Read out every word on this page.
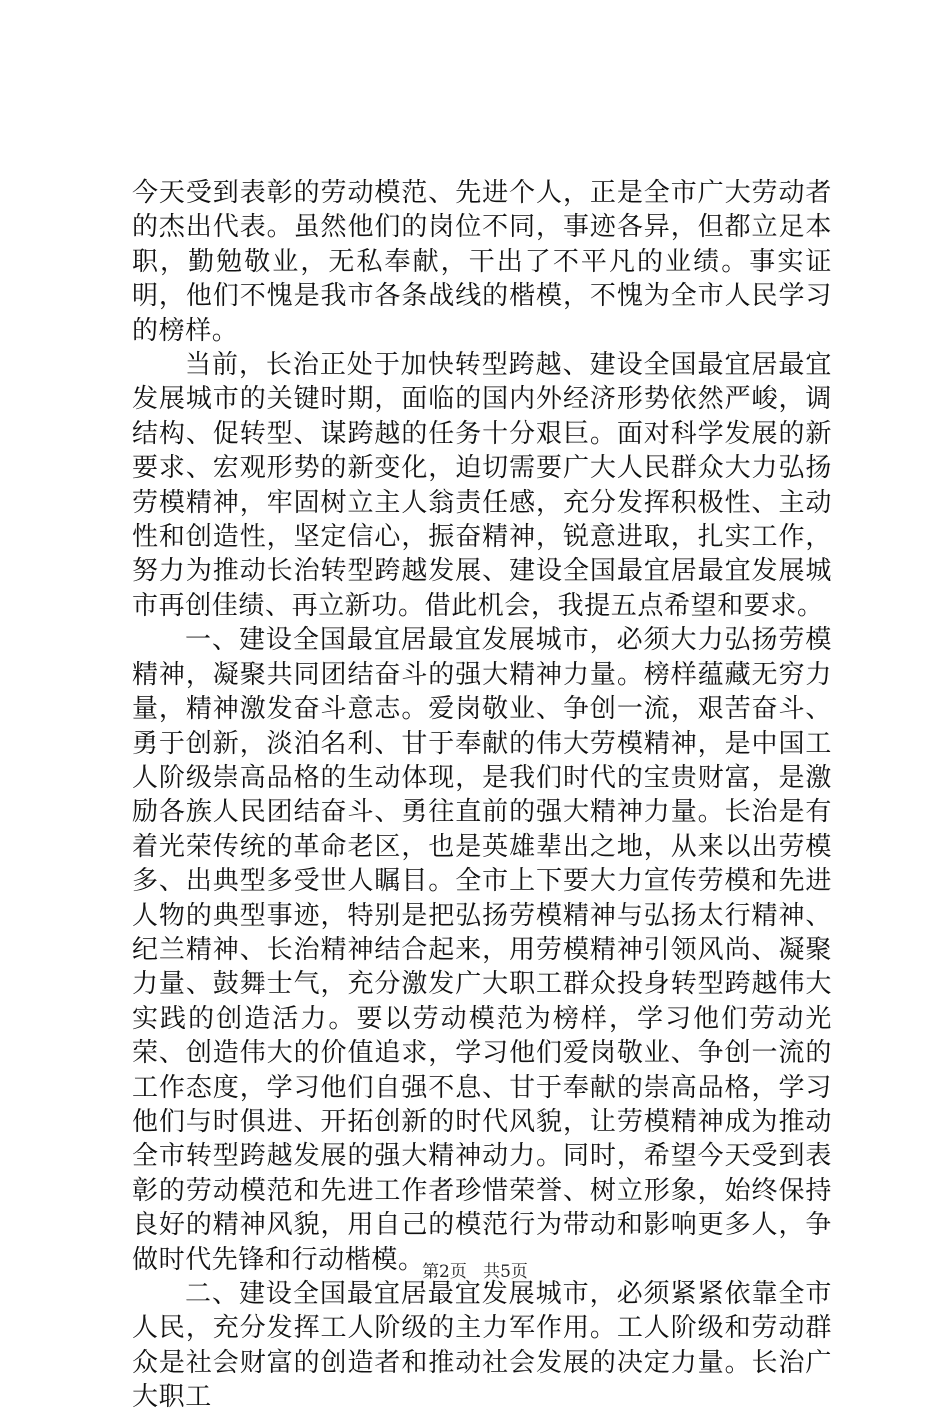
今天受到表彰的劳动模范、先进个人，正是全市广大劳动者的杰出代表。虽然他们的岗位不同，事迹各异，但都立足本职，勤勉敬业，无私奉献，干出了不平凡的业绩。事实证明，他们不愧是我市各条战线的楷模，不愧为全市人民学习的榜样。

当前，长治正处于加快转型跨越、建设全国最宜居最宜发展城市的关键时期，面临的国内外经济形势依然严峻，调结构、促转型、谋跨越的任务十分艰巨。面对科学发展的新要求、宏观形势的新变化，迫切需要广大人民群众大力弘扬劳模精神，牢固树立主人翁责任感，充分发挥积极性、主动性和创造性，坚定信心，振奋精神，锐意进取，扎实工作，努力为推动长治转型跨越发展、建设全国最宜居最宜发展城市再创佳绩、再立新功。借此机会，我提五点希望和要求。

一、建设全国最宜居最宜发展城市，必须大力弘扬劳模精神，凝聚共同团结奋斗的强大精神力量。榜样蕴藏无穷力量，精神激发奋斗意志。爱岗敬业、争创一流，艰苦奋斗、勇于创新，淡泊名利、甘于奉献的伟大劳模精神，是中国工人阶级崇高品格的生动体现，是我们时代的宝贵财富，是激励各族人民团结奋斗、勇往直前的强大精神力量。长治是有着光荣传统的革命老区，也是英雄辈出之地，从来以出劳模多、出典型多受世人瞩目。全市上下要大力宣传劳模和先进人物的典型事迹，特别是把弘扬劳模精神与弘扬太行精神、纪兰精神、长治精神结合起来，用劳模精神引领风尚、凝聚力量、鼓舞士气，充分激发广大职工群众投身转型跨越伟大实践的创造活力。要以劳动模范为榜样，学习他们劳动光荣、创造伟大的价值追求，学习他们爱岗敬业、争创一流的工作态度，学习他们自强不息、甘于奉献的崇高品格，学习他们与时俱进、开拓创新的时代风貌，让劳模精神成为推动全市转型跨越发展的强大精神动力。同时，希望今天受到表彰的劳动模范和先进工作者珍惜荣誉、树立形象，始终保持良好的精神风貌，用自己的模范行为带动和影响更多人，争做时代先锋和行动楷模。

二、建设全国最宜居最宜发展城市，必须紧紧依靠全市人民，充分发挥工人阶级的主力军作用。工人阶级和劳动群众是社会财富的创造者和推动社会发展的决定力量。长治广大职工

第2页 共5页
